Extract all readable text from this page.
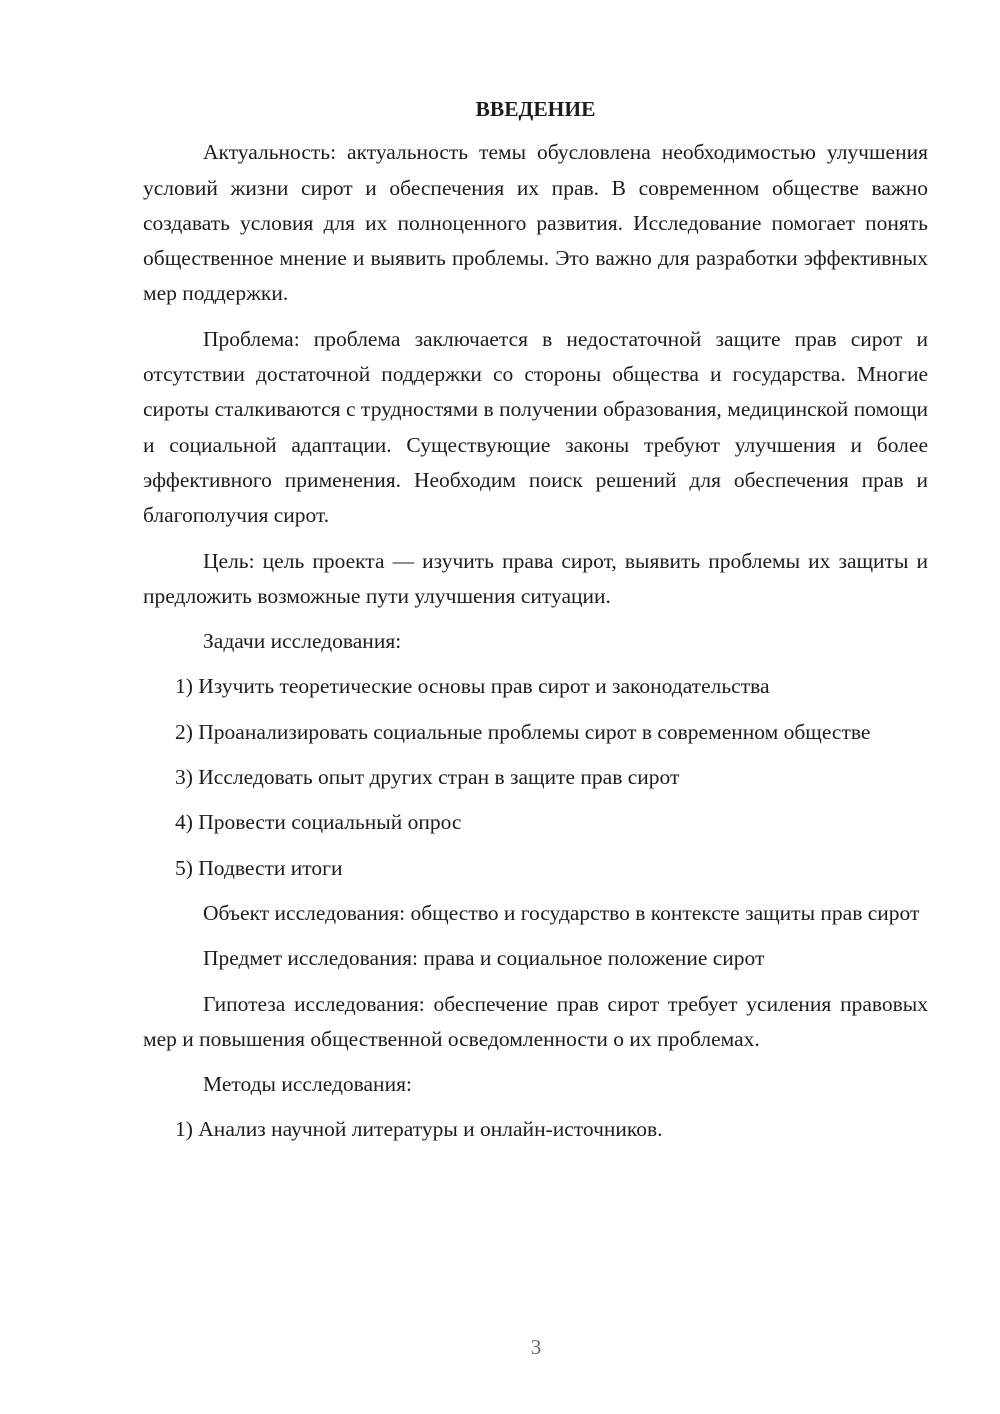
ВВЕДЕНИЕ

Актуальность: актуальность темы обусловлена необходимостью улучшения условий жизни сирот и обеспечения их прав. В современном обществе важно создавать условия для их полноценного развития. Исследование помогает понять общественное мнение и выявить проблемы. Это важно для разработки эффективных мер поддержки.

Проблема: проблема заключается в недостаточной защите прав сирот и отсутствии достаточной поддержки со стороны общества и государства. Многие сироты сталкиваются с трудностями в получении образования, медицинской помощи и социальной адаптации. Существующие законы требуют улучшения и более эффективного применения. Необходим поиск решений для обеспечения прав и благополучия сирот.

Цель: цель проекта — изучить права сирот, выявить проблемы их защиты и предложить возможные пути улучшения ситуации.

Задачи исследования:

1) Изучить теоретические основы прав сирот и законодательства

2) Проанализировать социальные проблемы сирот в современном обществе

3) Исследовать опыт других стран в защите прав сирот

4) Провести социальный опрос

5) Подвести итоги

Объект исследования: общество и государство в контексте защиты прав сирот

Предмет исследования: права и социальное положение сирот

Гипотеза исследования: обеспечение прав сирот требует усиления правовых мер и повышения общественной осведомленности о их проблемах.

Методы исследования:

1) Анализ научной литературы и онлайн-источников.

3
